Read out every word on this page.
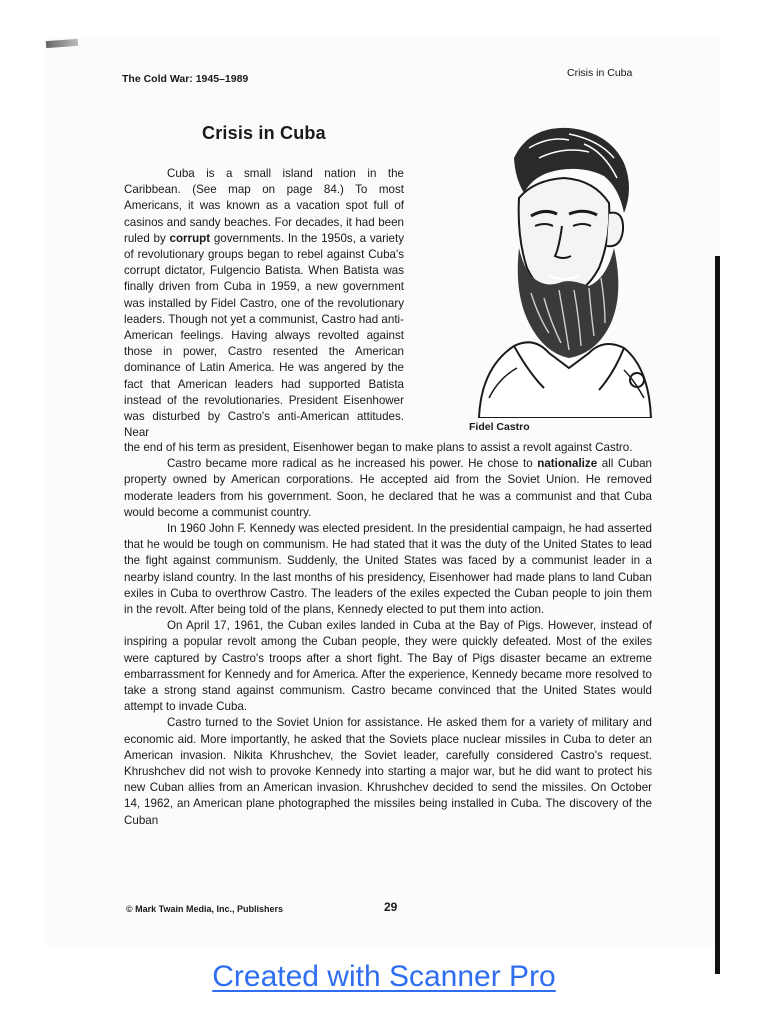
The Cold War: 1945–1989	Crisis in Cuba

Crisis in Cuba

Cuba is a small island nation in the Caribbean. (See map on page 84.) To most Americans, it was known as a vacation spot full of casinos and sandy beaches. For decades, it had been ruled by corrupt governments. In the 1950s, a variety of revolutionary groups began to rebel against Cuba's corrupt dictator, Fulgencio Batista. When Batista was finally driven from Cuba in 1959, a new government was installed by Fidel Castro, one of the revolutionary leaders. Though not yet a communist, Castro had anti-American feelings. Having always revolted against those in power, Castro resented the American dominance of Latin America. He was angered by the fact that American leaders had supported Batista instead of the revolutionaries. President Eisenhower was disturbed by Castro's anti-American attitudes. Near	Fidel Castro

the end of his term as president, Eisenhower began to make plans to assist a revolt against Castro.

Castro became more radical as he increased his power. He chose to nationalize all Cuban property owned by American corporations. He accepted aid from the Soviet Union. He removed moderate leaders from his government. Soon, he declared that he was a communist and that Cuba would become a communist country.

In 1960 John F. Kennedy was elected president. In the presidential campaign, he had asserted that he would be tough on communism. He had stated that it was the duty of the United States to lead the fight against communism. Suddenly, the United States was faced by a communist leader in a nearby island country. In the last months of his presidency, Eisenhower had made plans to land Cuban exiles in Cuba to overthrow Castro. The leaders of the exiles expected the Cuban people to join them in the revolt. After being told of the plans, Kennedy elected to put them into action.

On April 17, 1961, the Cuban exiles landed in Cuba at the Bay of Pigs. However, instead of inspiring a popular revolt among the Cuban people, they were quickly defeated. Most of the exiles were captured by Castro's troops after a short fight. The Bay of Pigs disaster became an extreme embarrassment for Kennedy and for America. After the experience, Kennedy became more resolved to take a strong stand against communism. Castro became convinced that the United States would attempt to invade Cuba.

Castro turned to the Soviet Union for assistance. He asked them for a variety of military and economic aid. More importantly, he asked that the Soviets place nuclear missiles in Cuba to deter an American invasion. Nikita Khrushchev, the Soviet leader, carefully considered Castro's request. Khrushchev did not wish to provoke Kennedy into starting a major war, but he did want to protect his new Cuban allies from an American invasion. Khrushchev decided to send the missiles. On October 14, 1962, an American plane photographed the missiles being installed in Cuba. The discovery of the Cuban

© Mark Twain Media, Inc., Publishers	29

Created with Scanner Pro
